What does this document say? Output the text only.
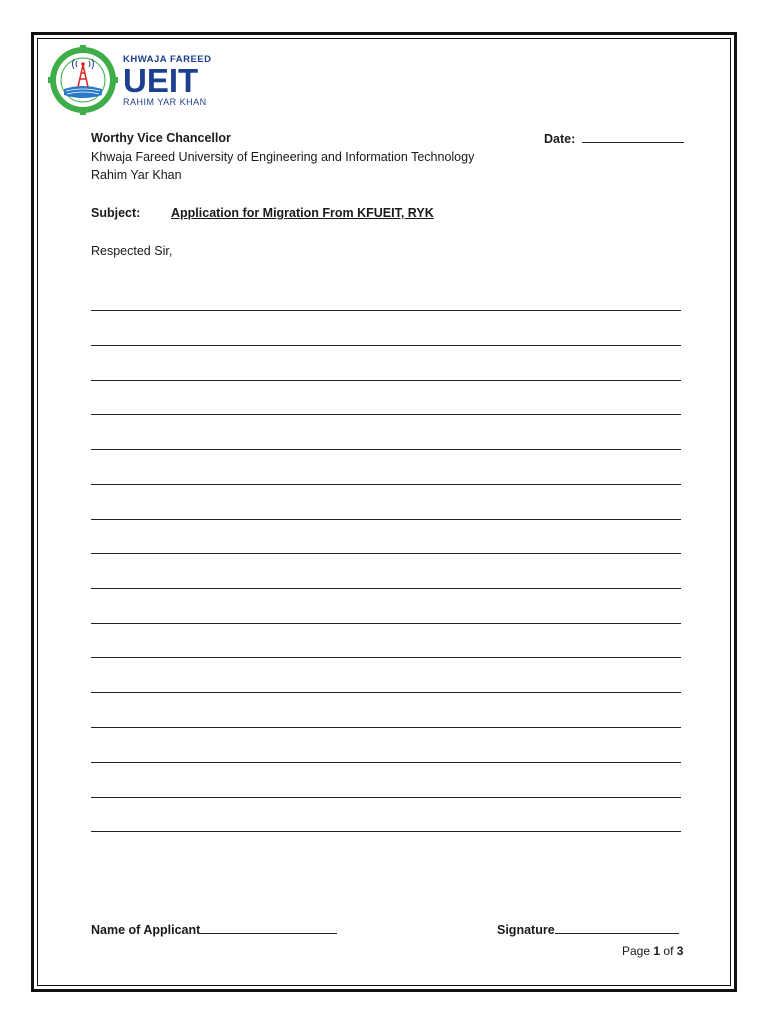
KHWAJA FAREED
UEIT
RAHIM YAR KHAN
Worthy Vice Chancellor
Khwaja Fareed University of Engineering and Information Technology
Rahim Yar Khan
Date:
Subject: Application for Migration From KFUEIT, RYK
Respected Sir,
Name of Applicant	Signature
Page 1 of 3
